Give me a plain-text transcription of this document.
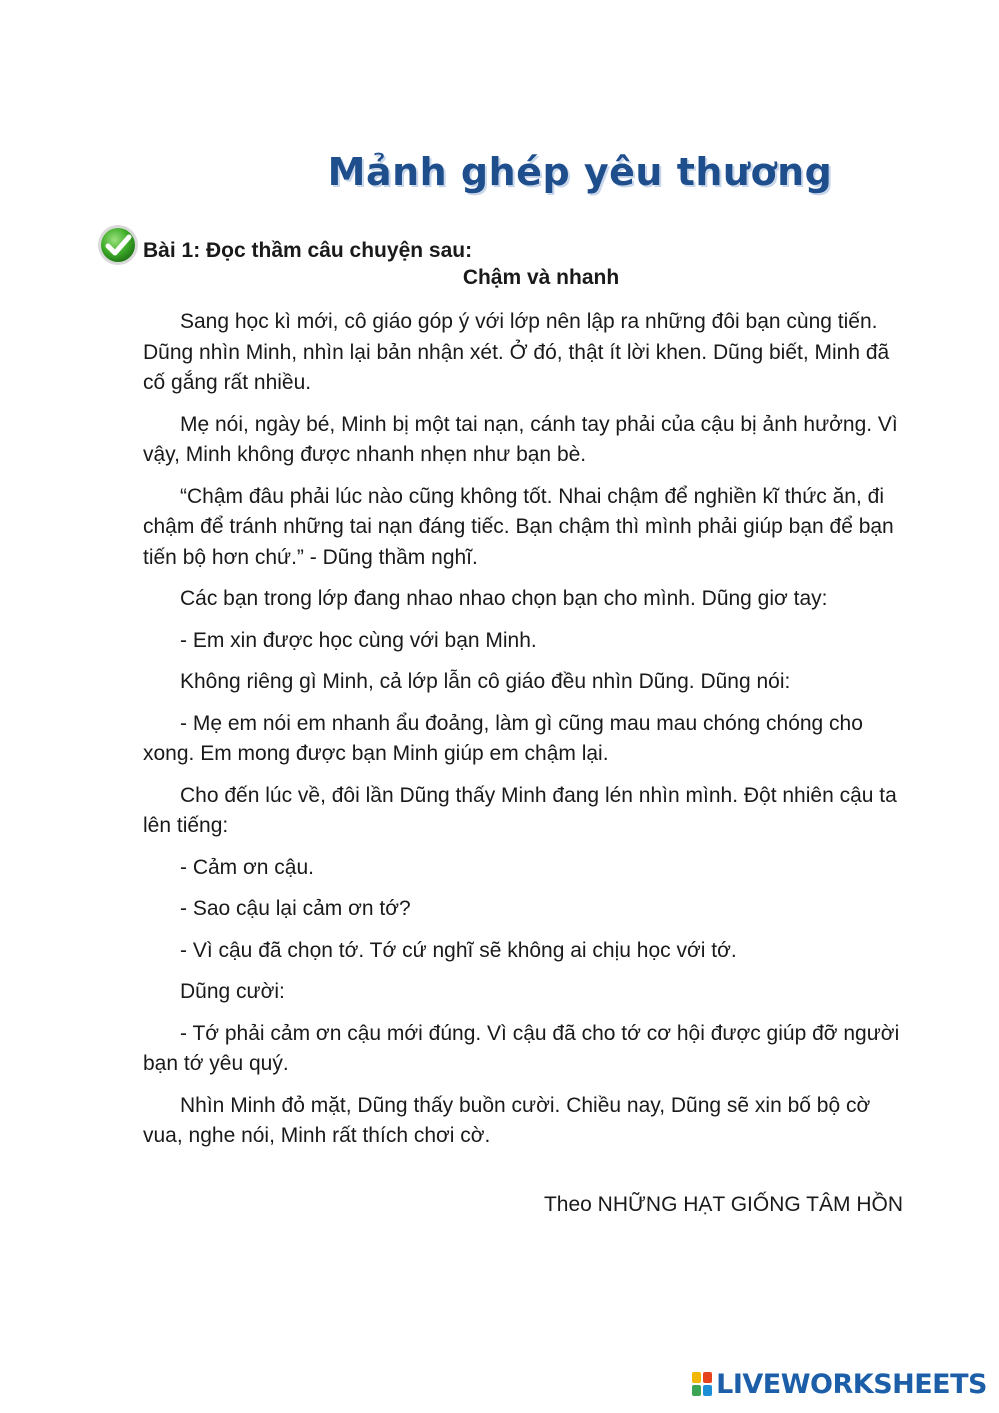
Mảnh ghép yêu thương
Bài 1: Đọc thầm câu chuyện sau:
Chậm và nhanh

Sang học kì mới, cô giáo góp ý với lớp nên lập ra những đôi bạn cùng tiến. Dũng nhìn Minh, nhìn lại bản nhận xét. Ở đó, thật ít lời khen. Dũng biết, Minh đã cố gắng rất nhiều.

Mẹ nói, ngày bé, Minh bị một tai nạn, cánh tay phải của cậu bị ảnh hưởng. Vì vậy, Minh không được nhanh nhẹn như bạn bè.

“Chậm đâu phải lúc nào cũng không tốt. Nhai chậm để nghiền kĩ thức ăn, đi chậm để tránh những tai nạn đáng tiếc. Bạn chậm thì mình phải giúp bạn để bạn tiến bộ hơn chứ.” - Dũng thầm nghĩ.

Các bạn trong lớp đang nhao nhao chọn bạn cho mình. Dũng giơ tay:

- Em xin được học cùng với bạn Minh.

Không riêng gì Minh, cả lớp lẫn cô giáo đều nhìn Dũng. Dũng nói:

- Mẹ em nói em nhanh ẩu đoảng, làm gì cũng mau mau chóng chóng cho xong. Em mong được bạn Minh giúp em chậm lại.

Cho đến lúc về, đôi lần Dũng thấy Minh đang lén nhìn mình. Đột nhiên cậu ta lên tiếng:

- Cảm ơn cậu.

- Sao cậu lại cảm ơn tớ?

- Vì cậu đã chọn tớ. Tớ cứ nghĩ sẽ không ai chịu học với tớ.

Dũng cười:

- Tớ phải cảm ơn cậu mới đúng. Vì cậu đã cho tớ cơ hội được giúp đỡ người bạn tớ yêu quý.

Nhìn Minh đỏ mặt, Dũng thấy buồn cười. Chiều nay, Dũng sẽ xin bố bộ cờ vua, nghe nói, Minh rất thích chơi cờ.

Theo NHỮNG HẠT GIỐNG TÂM HỒN

LIVEWORKSHEETS
